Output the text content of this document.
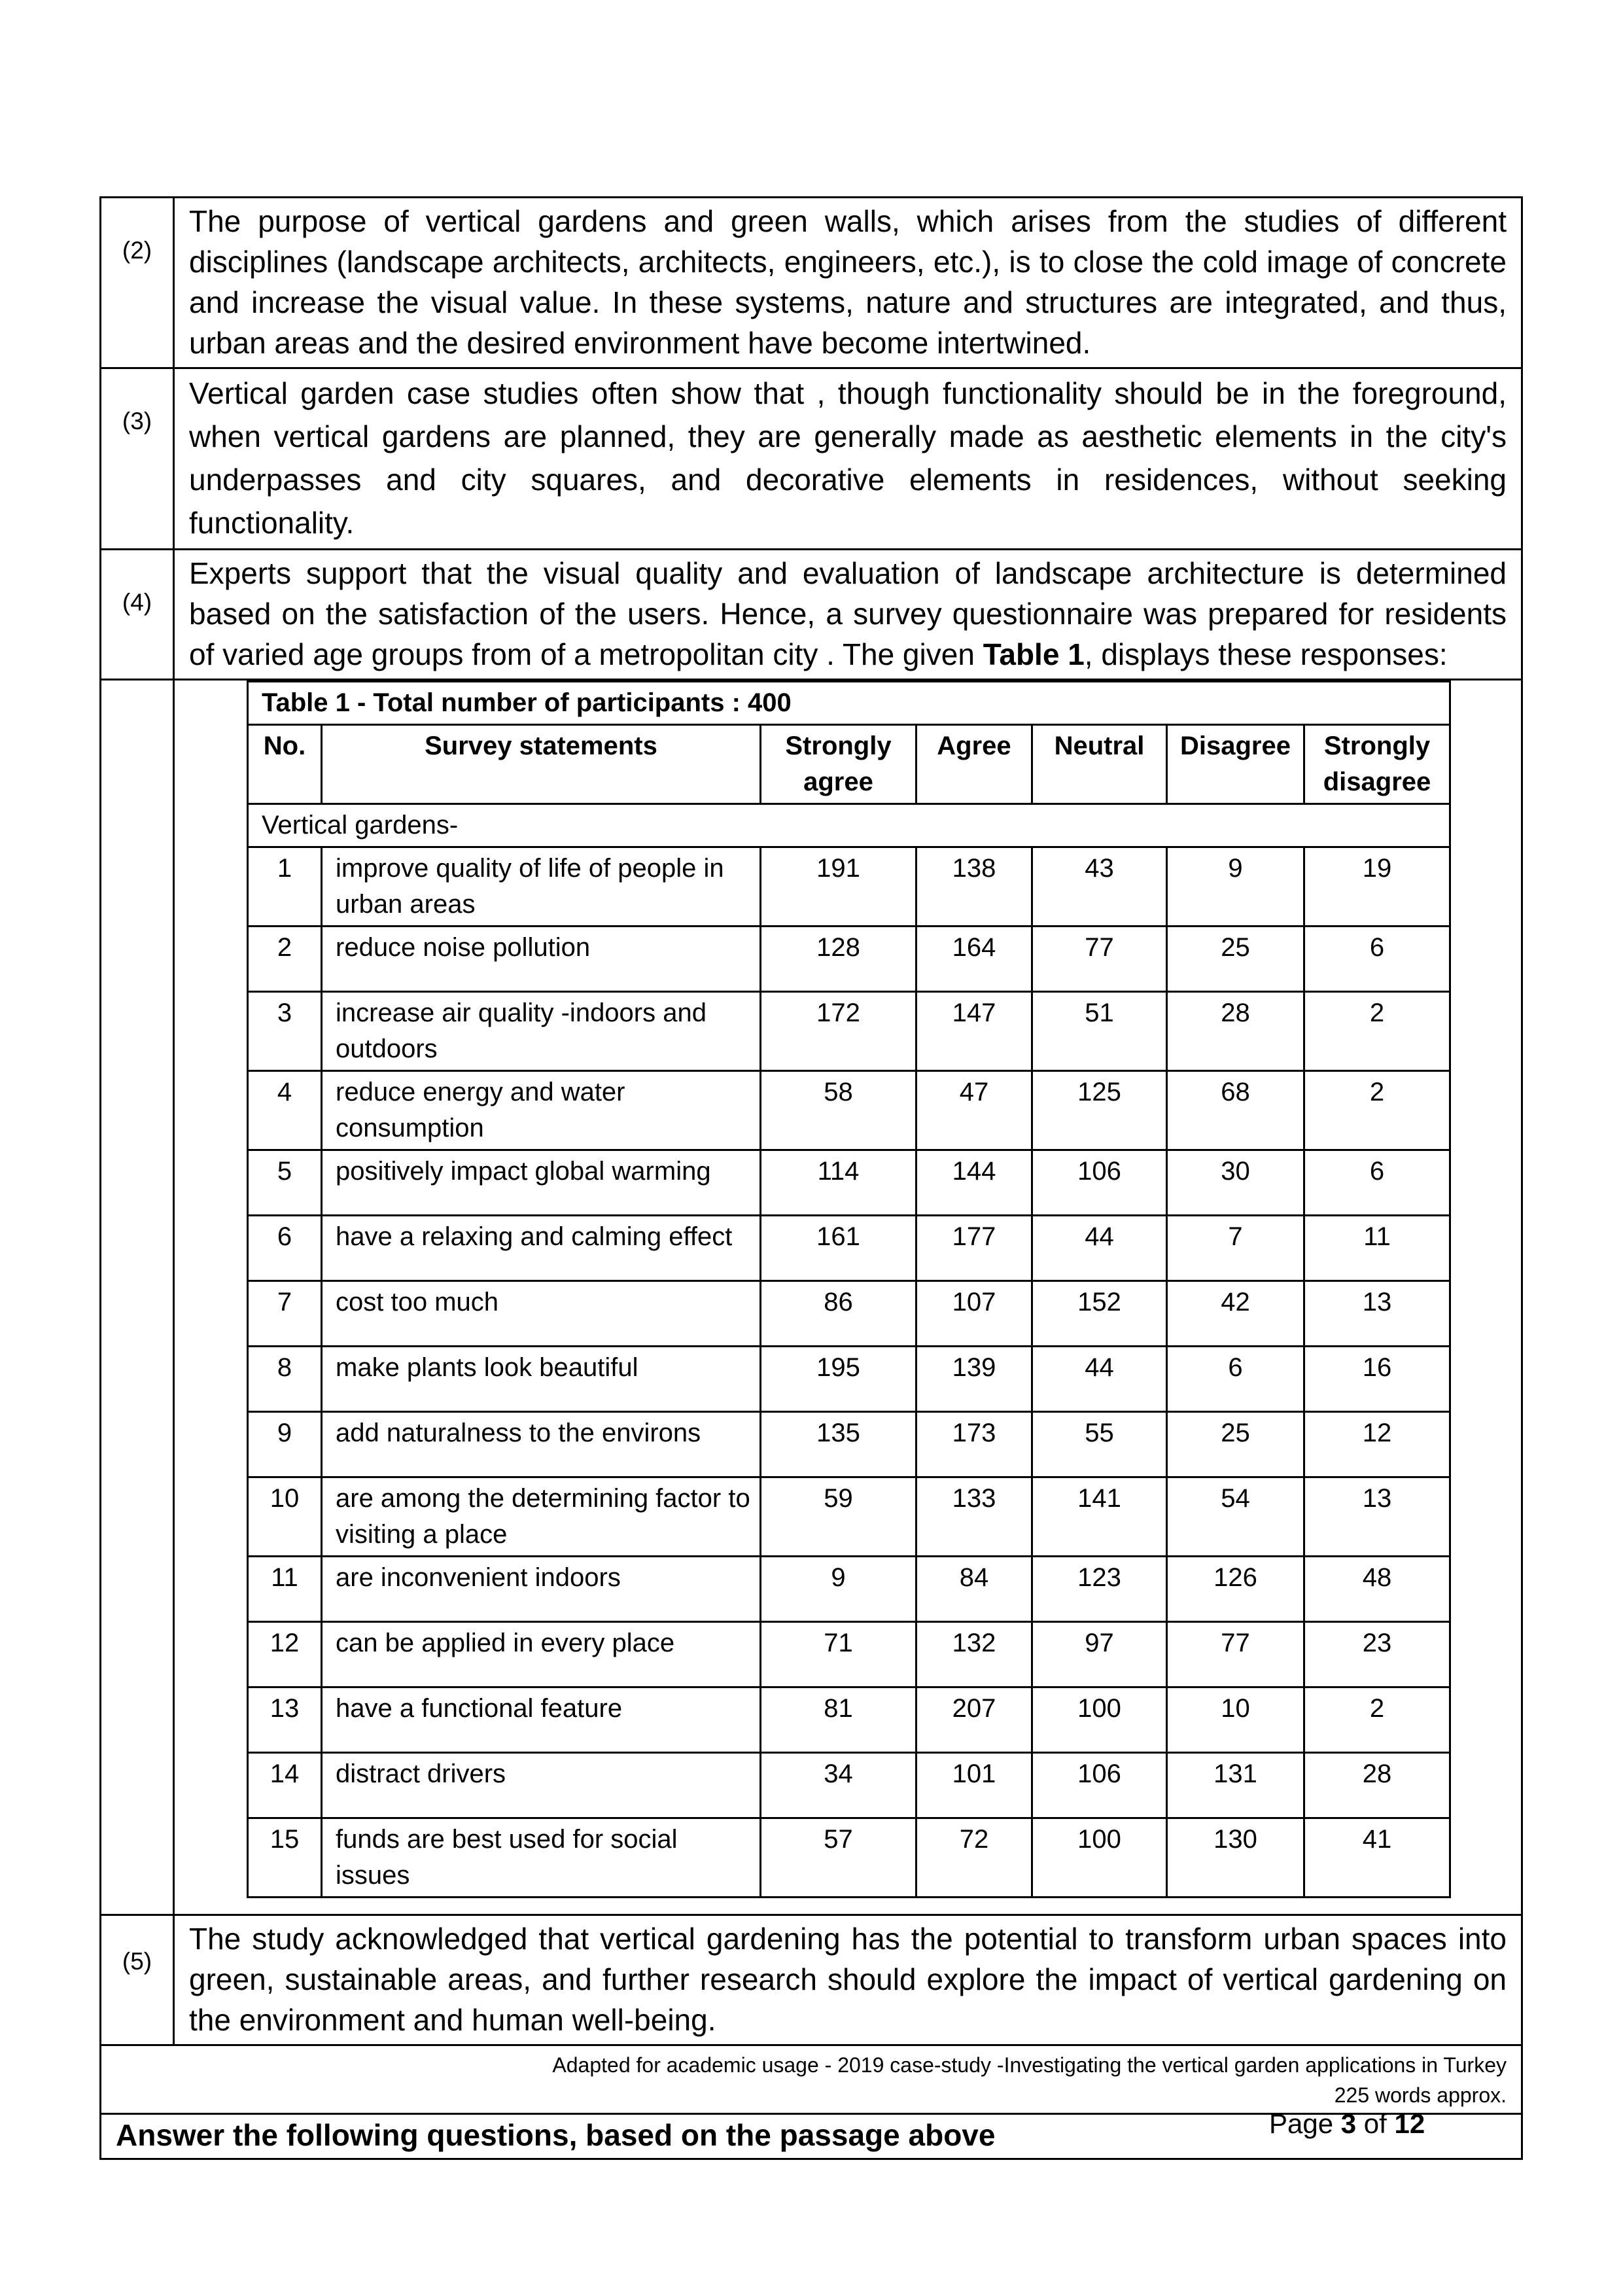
(2)

The purpose of vertical gardens and green walls, which arises from the studies of different disciplines (landscape architects, architects, engineers, etc.), is to close the cold image of concrete and increase the visual value. In these systems, nature and structures are integrated, and thus, urban areas and the desired environment have become intertwined.

(3)

Vertical garden case studies often show that , though functionality should be in the foreground, when vertical gardens are planned, they are generally made as aesthetic elements in the city's underpasses and city squares, and decorative elements in residences, without seeking functionality.

(4)

Experts support that the visual quality and evaluation of landscape architecture is determined based on the satisfaction of the users. Hence, a survey questionnaire was prepared for residents of varied age groups from of a metropolitan city . The given Table 1, displays these responses:

Table 1 - Total number of participants : 400
No.	Survey statements	Strongly agree	Agree	Neutral	Disagree	Strongly disagree
Vertical gardens-
1	improve quality of life of people in urban areas	191	138	43	9	19
2	reduce noise pollution	128	164	77	25	6
3	increase air quality -indoors and outdoors	172	147	51	28	2
4	reduce energy and water consumption	58	47	125	68	2
5	positively impact global warming	114	144	106	30	6
6	have a relaxing and calming effect	161	177	44	7	11
7	cost too much	86	107	152	42	13
8	make plants look beautiful	195	139	44	6	16
9	add naturalness to the environs	135	173	55	25	12
10	are among the determining factor to visiting a place	59	133	141	54	13
11	are inconvenient indoors	9	84	123	126	48
12	can be applied in every place	71	132	97	77	23
13	have a functional feature	81	207	100	10	2
14	distract drivers	34	101	106	131	28
15	funds are best used for social issues	57	72	100	130	41

(5)

The study acknowledged that vertical gardening has the potential to transform urban spaces into green, sustainable areas, and further research should explore the impact of vertical gardening on the environment and human well-being.

Adapted for academic usage - 2019 case-study -Investigating the vertical garden applications in Turkey
225 words approx.

Answer the following questions, based on the passage above	Page 3 of 12
